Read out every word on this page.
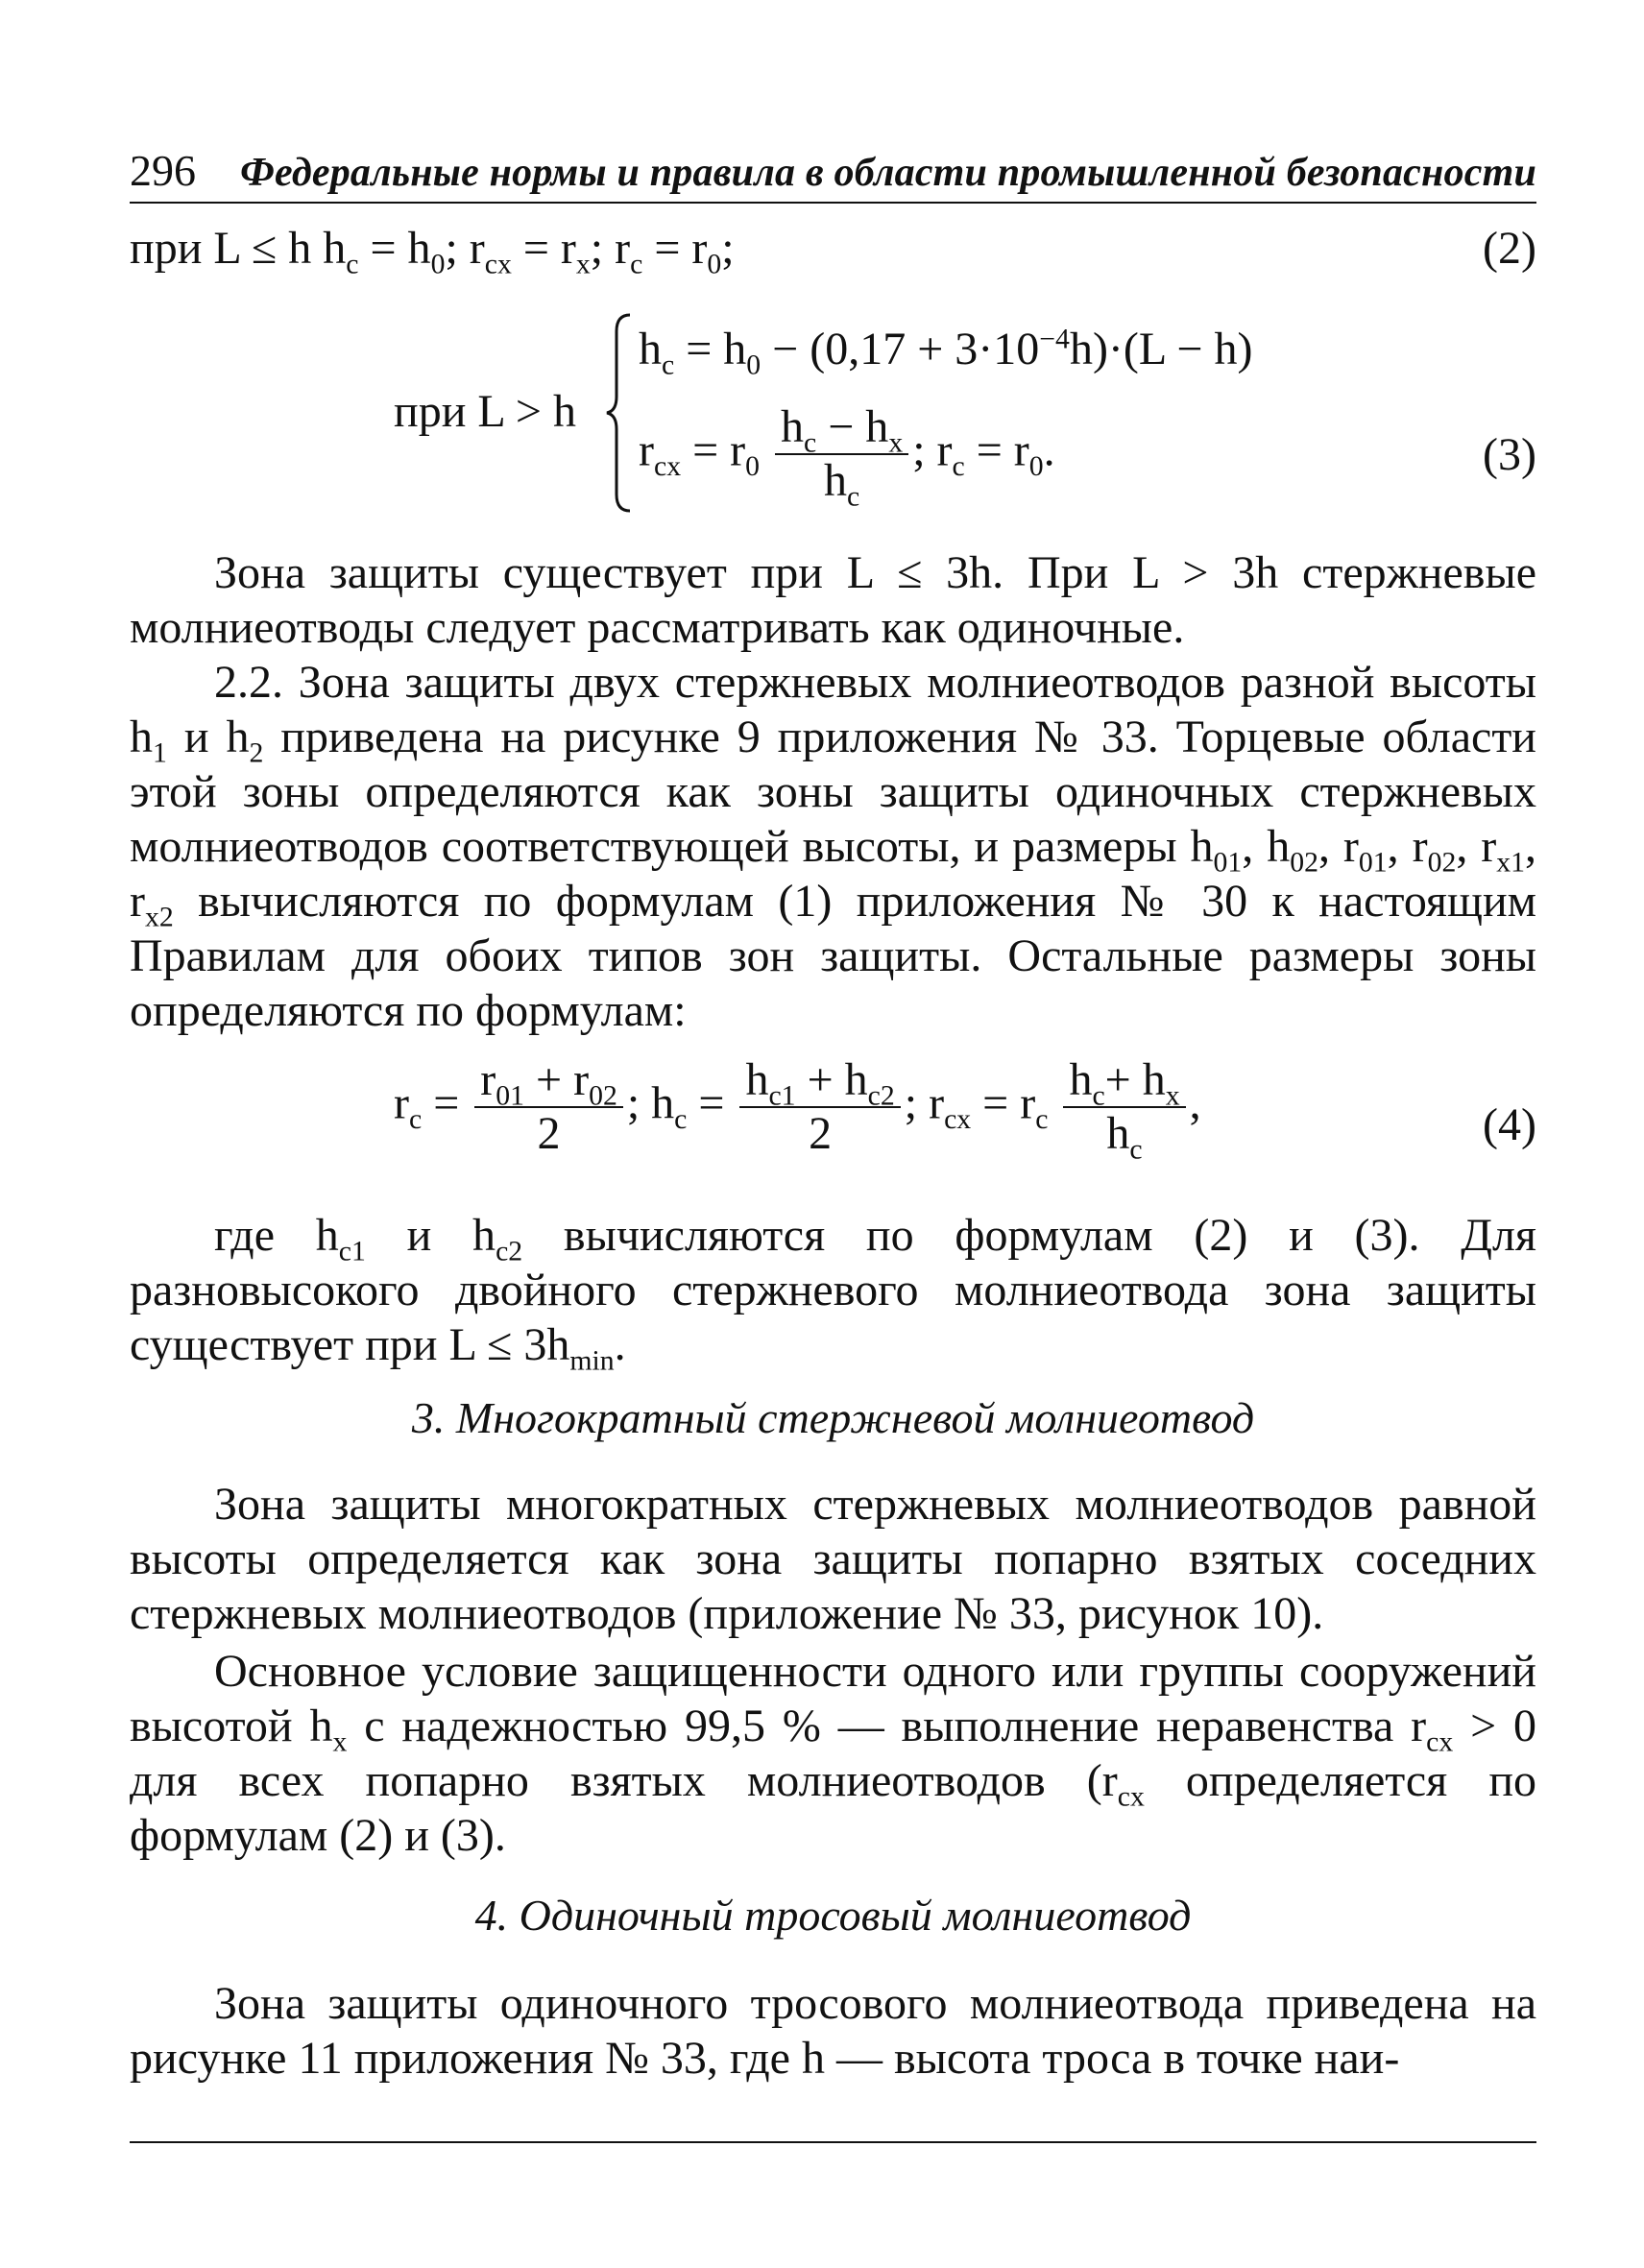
296 Федеральные нормы и правила в области промышленной безопасности
при L ≤ h $h_c = h_0$; $r_{cx} = r_x$; $r_c = r_0$;	(2)
при L > h
$h_c = h_0 - (0,17 + 3\cdot 10^{-4}h)\cdot(L - h)$
$r_{cx} = r_0 \frac{h_c - h_x}{h_c}$ ; $r_c = r_0$.	(3)
Зона защиты существует при L ≤ 3h. При L > 3h стержневые молниеотводы следует рассматривать как одиночные.
2.2. Зона защиты двух стержневых молниеотводов разной высоты $h_1$ и $h_2$ приведена на рисунке 9 приложения № 33. Торцевые области этой зоны определяются как зоны защиты одиночных стержневых молниеотводов соответствующей высоты, и размеры $h_{01}$, $h_{02}$, $r_{01}$, $r_{02}$, $r_{x1}$, $r_{x2}$ вычисляются по формулам (1) приложения № 30 к настоящим Правилам для обоих типов зон защиты. Остальные размеры зоны определяются по формулам:
$r_c = \frac{r_{01} + r_{02}}{2}$ ; $h_c = \frac{h_{c1} + h_{c2}}{2}$ ; $r_{cx} = r_c \frac{h_c+ h_x}{h_c}$ ,	(4)
где $h_{c1}$ и $h_{c2}$ вычисляются по формулам (2) и (3). Для разновысокого двойного стержневого молниеотвода зона защиты существует при $L \le 3h_{min}$.
3. Многократный стержневой молниеотвод
Зона защиты многократных стержневых молниеотводов равной высоты определяется как зона защиты попарно взятых соседних стержневых молниеотводов (приложение № 33, рисунок 10).
Основное условие защищенности одного или группы сооружений высотой $h_x$ с надежностью 99,5 % — выполнение неравенства $r_{cx} > 0$ для всех попарно взятых молниеотводов ($r_{cx}$ определяется по формулам (2) и (3).
4. Одиночный тросовый молниеотвод
Зона защиты одиночного тросового молниеотвода приведена на рисунке 11 приложения № 33, где h — высота троса в точке наи-
